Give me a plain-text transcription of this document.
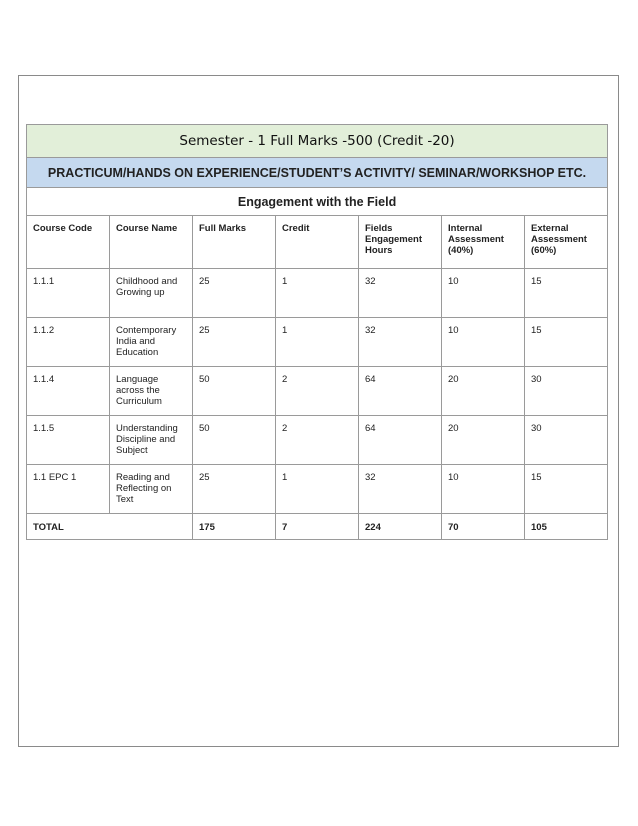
Semester - 1 Full Marks -500 (Credit -20)						
PRACTICUM/HANDS ON EXPERIENCE/STUDENT’S ACTIVITY/ SEMINAR/WORKSHOP ETC.						
Engagement with the Field						

Course Code	Course Name	Full Marks	Credit	Fields Engagement Hours	Internal Assessment (40%)	External Assessment (60%)

1.1.1	Childhood and Growing up	25	1	32	10	15

1.1.2	Contemporary India and Education	25	1	32	10	15

1.1.4	Language across the Curriculum	50	2	64	20	30

1.1.5	Understanding Discipline and Subject	50	2	64	20	30

1.1 EPC 1	Reading and Reflecting on Text	25	1	32	10	15

TOTAL		175	7	224	70	105
